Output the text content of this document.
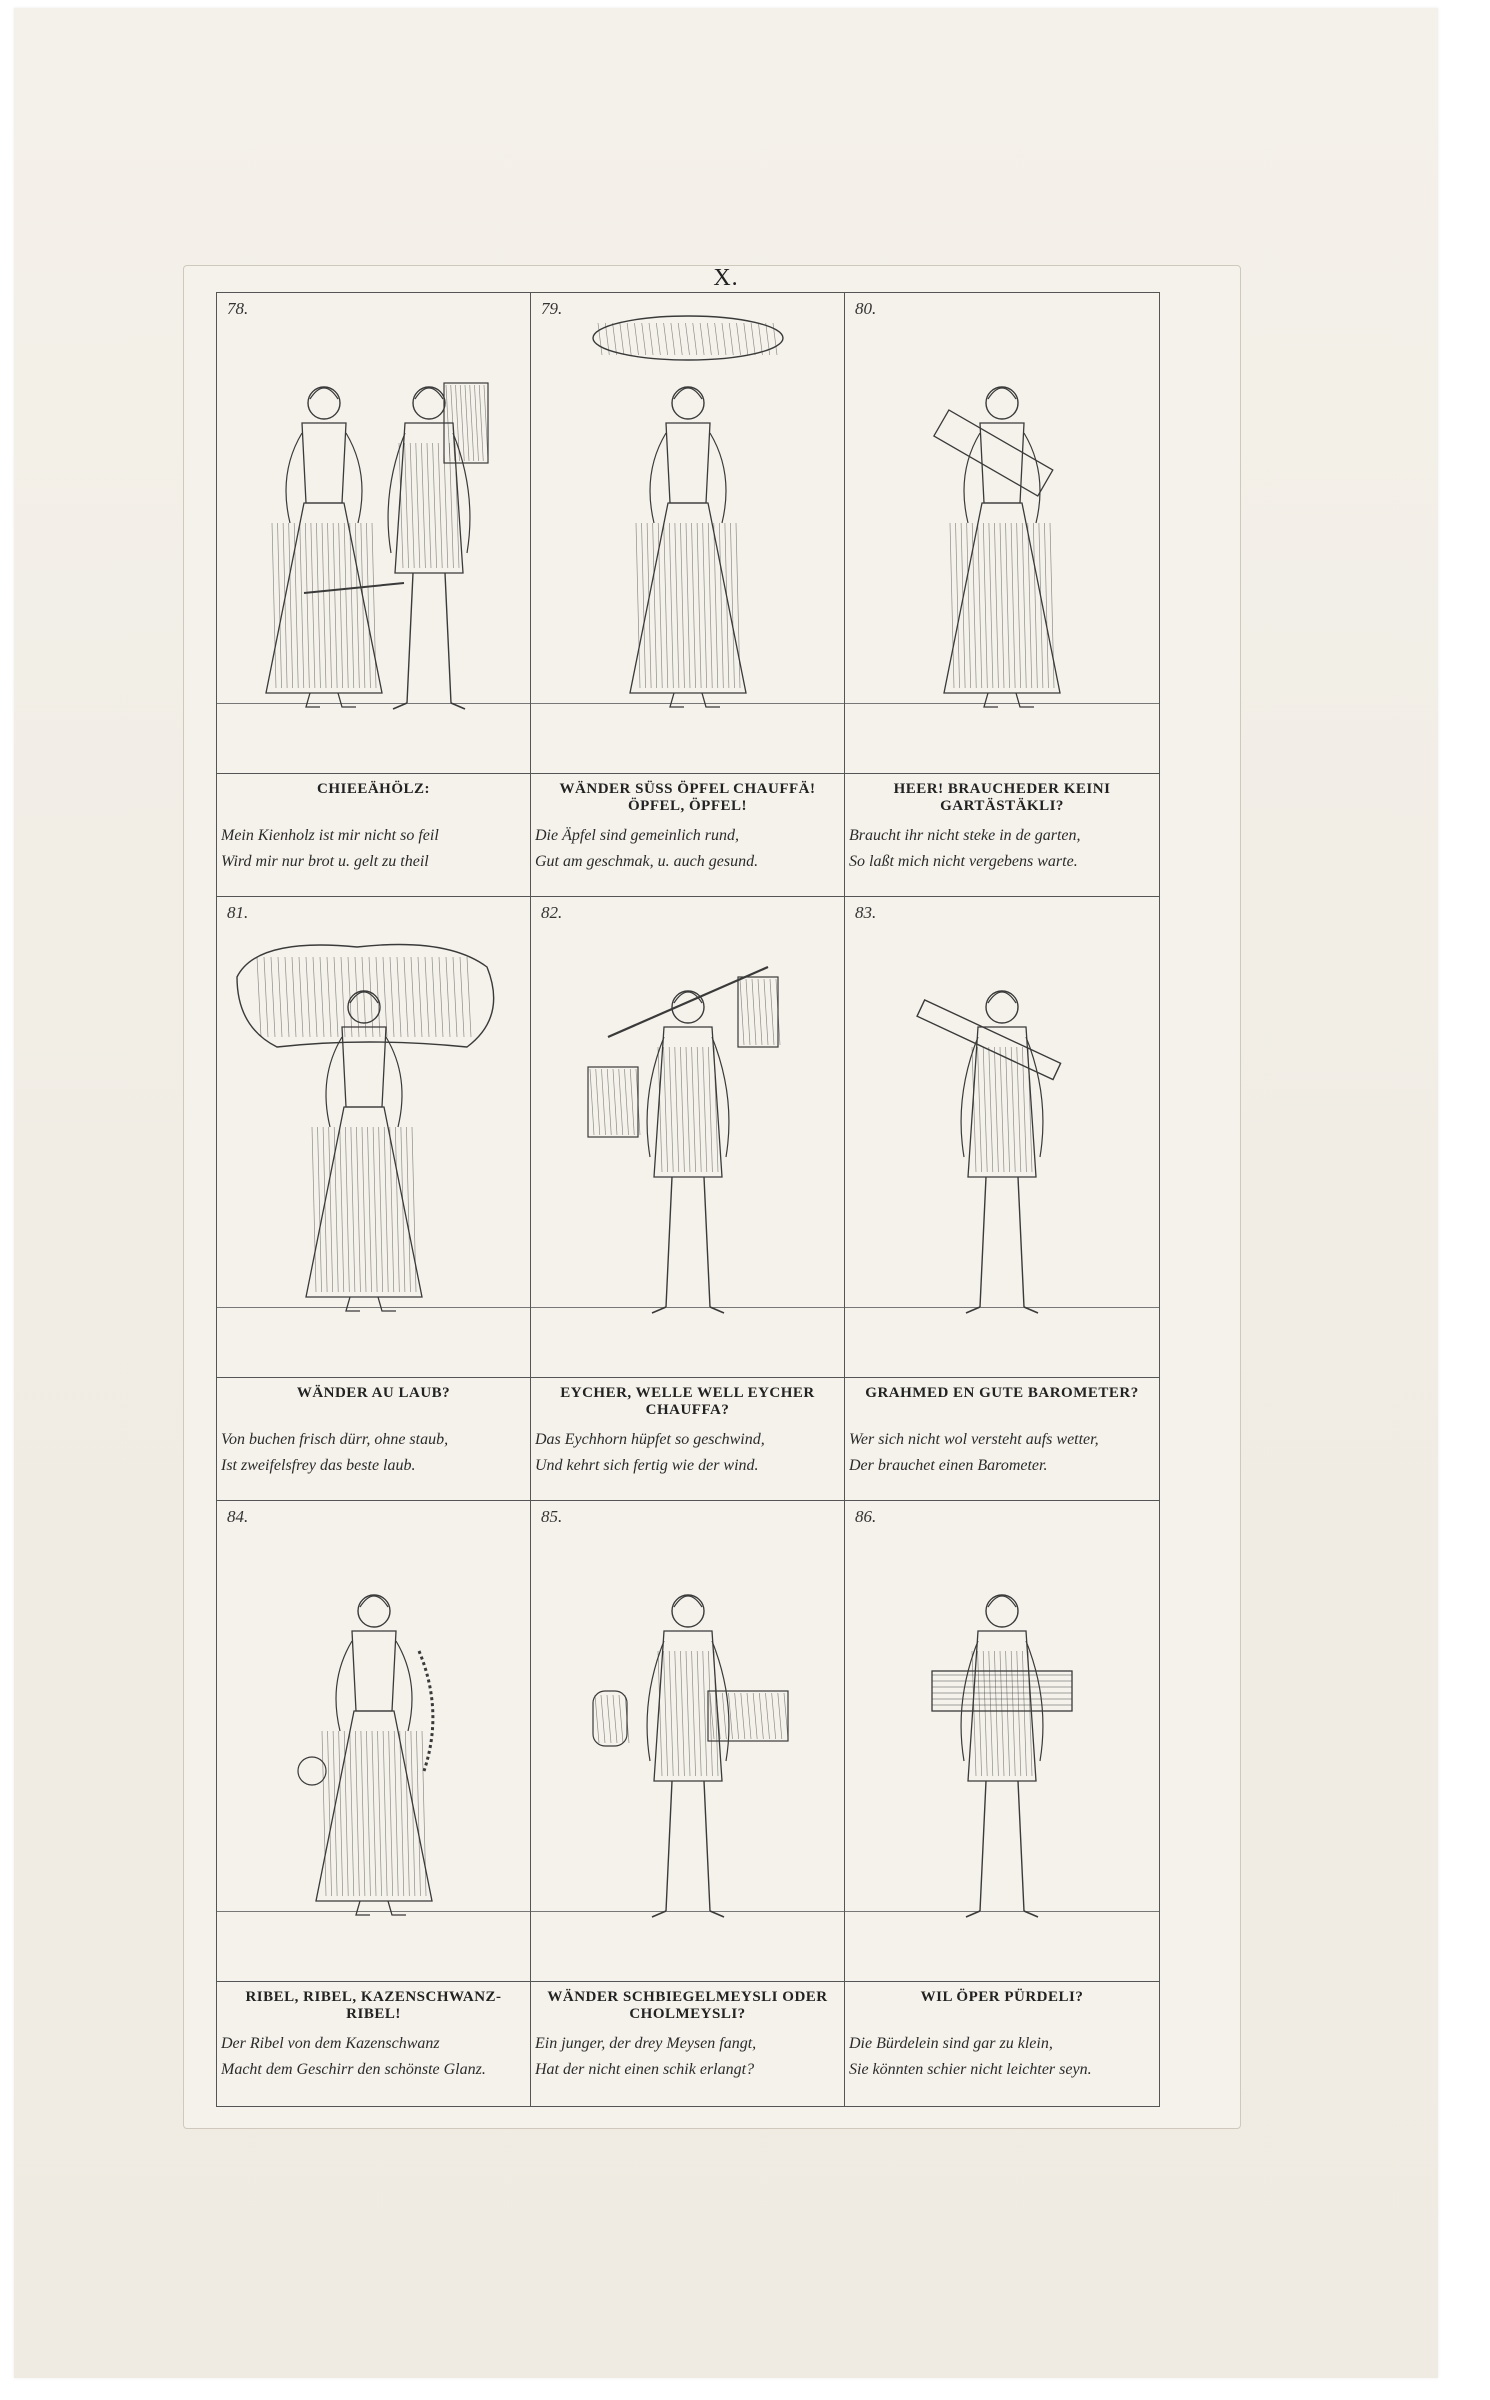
X.
78.
CHIEEÄHÖLZ:
Mein Kienholz ist mir nicht so feil
Wird mir nur brot u. gelt zu theil
79.
WÄNDER SÜSS ÖPFEL CHAUFFÄ! ÖPFEL, ÖPFEL!
Die Äpfel sind gemeinlich rund,
Gut am geschmak, u. auch gesund.
80.
HEER! BRAUCHEDER KEINI GARTÄSTÄKLI?
Braucht ihr nicht steke in de garten,
So laßt mich nicht vergebens warte.
81.
WÄNDER AU LAUB?
Von buchen frisch dürr, ohne staub,
Ist zweifelsfrey das beste laub.
82.
EYCHER, WELLE WELL EYCHER CHAUFFA?
Das Eychhorn hüpfet so geschwind,
Und kehrt sich fertig wie der wind.
83.
GRAHMED EN GUTE BAROMETER?
Wer sich nicht wol versteht aufs wetter,
Der brauchet einen Barometer.
84.
RIBEL, RIBEL, KAZENSCHWANZ-RIBEL!
Der Ribel von dem Kazenschwanz
Macht dem Geschirr den schönste Glanz.
85.
WÄNDER SCHBIEGELMEYSLI ODER CHOLMEYSLI?
Ein junger, der drey Meysen fangt,
Hat der nicht einen schik erlangt?
86.
WIL ÖPER PÜRDELI?
Die Bürdelein sind gar zu klein,
Sie könnten schier nicht leichter seyn.
